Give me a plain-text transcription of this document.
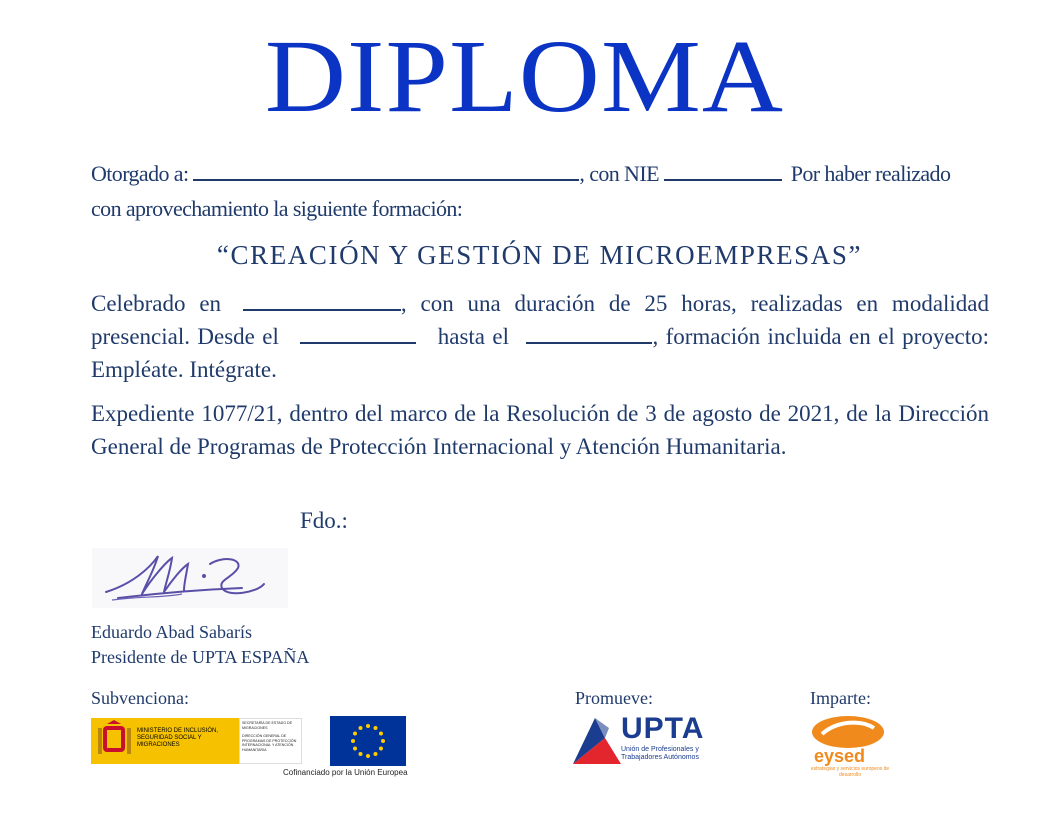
DIPLOMA
Otorgado a:	, con NIE	Por haber realizado
con aprovechamiento la siguiente formación:
“CREACIÓN Y GESTIÓN DE MICROEMPRESAS”
Celebrado en	, con una duración de 25 horas, realizadas en modalidad presencial. Desde el	hasta el	, formación incluida en el proyecto: Empléate. Intégrate.
Expediente 1077/21, dentro del marco de la Resolución de 3 de agosto de 2021, de la Dirección General de Programas de Protección Internacional y Atención Humanitaria.
Fdo.:
Eduardo Abad Sabarís
Presidente de UPTA ESPAÑA
Subvenciona:	Promueve:	Imparte:
MINISTERIO DE INCLUSIÓN, SEGURIDAD SOCIAL Y MIGRACIONES
SECRETARÍA DE ESTADO DE MIGRACIONES
DIRECCIÓN GENERAL DE PROGRAMAS DE PROTECCIÓN INTERNACIONAL Y ATENCIÓN HUMANITARIA
Cofinanciado por la Unión Europea
UPTA
Unión de Profesionales y Trabajadores Autónomos	eysed
estrategias y servicios europeos de desarrollo
